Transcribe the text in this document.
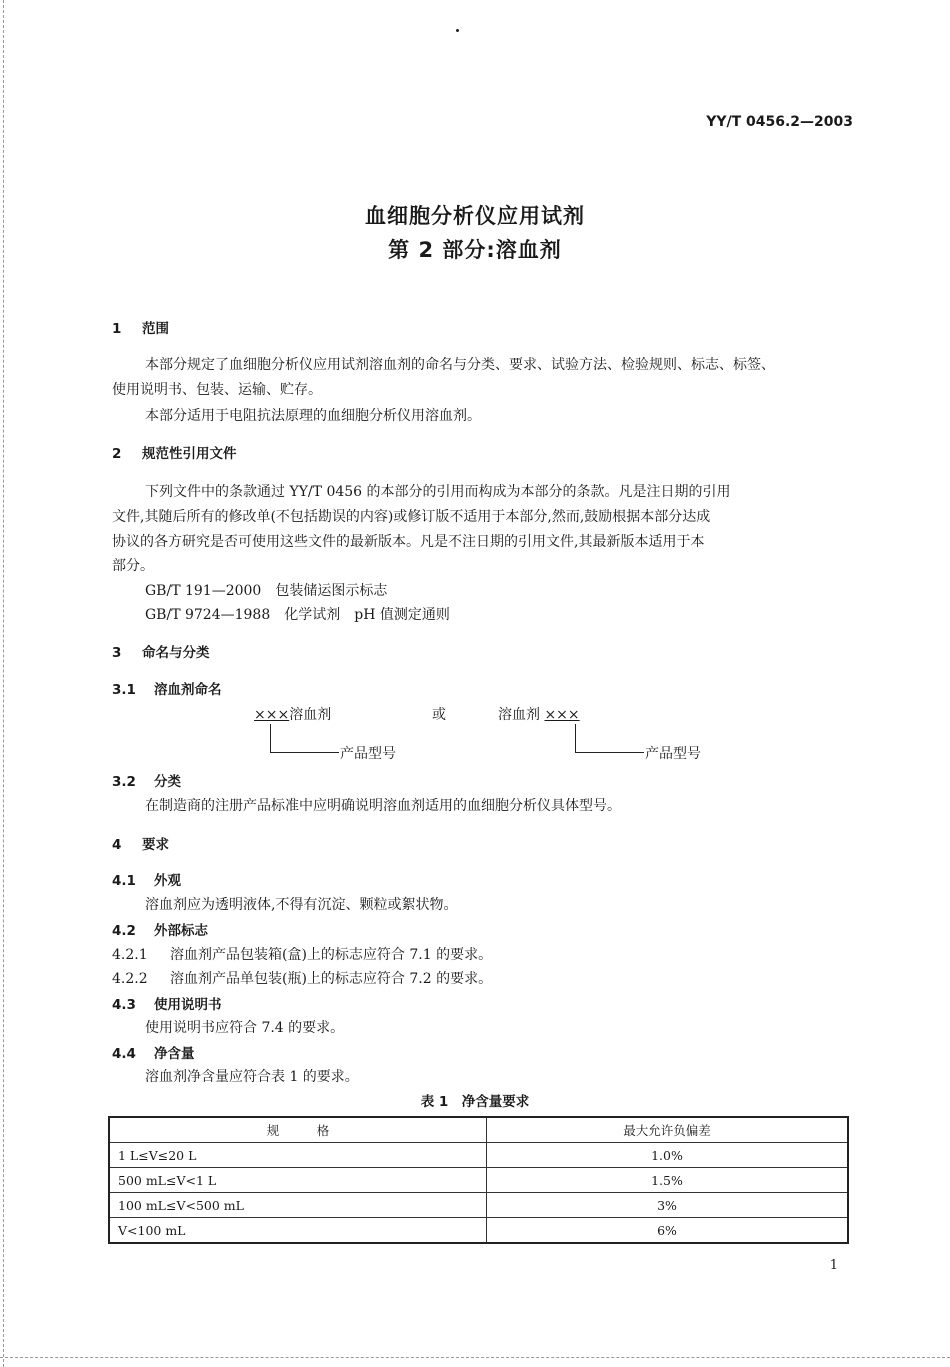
YY/T 0456.2—2003
血细胞分析仪应用试剂
第 2 部分:溶血剂
1 范围
本部分规定了血细胞分析仪应用试剂溶血剂的命名与分类、要求、试验方法、检验规则、标志、标签、
使用说明书、包装、运输、贮存。
本部分适用于电阻抗法原理的血细胞分析仪用溶血剂。
2 规范性引用文件
下列文件中的条款通过 YY/T 0456 的本部分的引用而构成为本部分的条款。凡是注日期的引用
文件,其随后所有的修改单(不包括勘误的内容)或修订版不适用于本部分,然而,鼓励根据本部分达成
协议的各方研究是否可使用这些文件的最新版本。凡是不注日期的引用文件,其最新版本适用于本
部分。
GB/T 191—2000　包装储运图示标志
GB/T 9724—1988　化学试剂　pH 值测定通则
3 命名与分类
3.1 溶血剂命名
×××溶血剂	或	溶血剂 ×××
产品型号	产品型号
3.2 分类
在制造商的注册产品标准中应明确说明溶血剂适用的血细胞分析仪具体型号。
4 要求
4.1 外观
溶血剂应为透明液体,不得有沉淀、颗粒或絮状物。
4.2 外部标志
4.2.1 溶血剂产品包装箱(盒)上的标志应符合 7.1 的要求。
4.2.2 溶血剂产品单包装(瓶)上的标志应符合 7.2 的要求。
4.3 使用说明书
使用说明书应符合 7.4 的要求。
4.4 净含量
溶血剂净含量应符合表 1 的要求。
表 1　净含量要求
规　　　格	最大允许负偏差
1 L≤V≤20 L	1.0%
500 mL≤V<1 L	1.5%
100 mL≤V<500 mL	3%
V<100 mL	6%
1
